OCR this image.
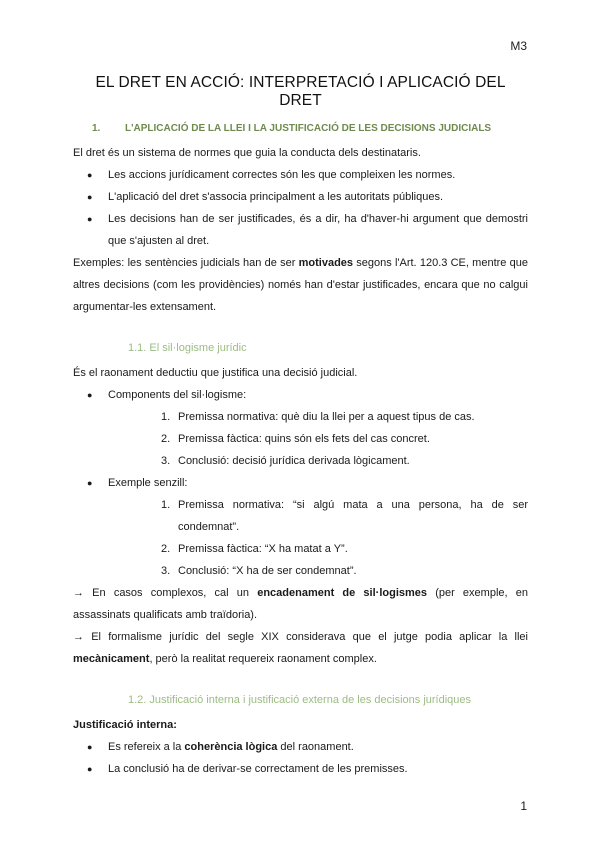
M3
EL DRET EN ACCIÓ: INTERPRETACIÓ I APLICACIÓ DEL DRET
1.	L'APLICACIÓ DE LA LLEI I LA JUSTIFICACIÓ DE LES DECISIONS JUDICIALS

El dret és un sistema de normes que guia la conducta dels destinataris.

● Les accions jurídicament correctes són les que compleixen les normes.
● L'aplicació del dret s'associa principalment a les autoritats públiques.
● Les decisions han de ser justificades, és a dir, ha d'haver-hi argument que demostri que s'ajusten al dret.

Exemples: les sentències judicials han de ser motivades segons l'Art. 120.3 CE, mentre que altres decisions (com les providències) només han d'estar justificades, encara que no calgui argumentar-les extensament.

1.1. El sil·logisme jurídic

És el raonament deductiu que justifica una decisió judicial.

● Components del sil·logisme:
1. Premissa normativa: què diu la llei per a aquest tipus de cas.
2. Premissa fàctica: quins són els fets del cas concret.
3. Conclusió: decisió jurídica derivada lògicament.
● Exemple senzill:
1. Premissa normativa: “si algú mata a una persona, ha de ser condemnat”.
2. Premissa fàctica: “X ha matat a Y”.
3. Conclusió: “X ha de ser condemnat”.

→ En casos complexos, cal un encadenament de sil·logismes (per exemple, en assassinats qualificats amb traïdoria).

→ El formalisme jurídic del segle XIX considerava que el jutge podia aplicar la llei mecànicament, però la realitat requereix raonament complex.

1.2. Justificació interna i justificació externa de les decisions jurídiques

Justificació interna:

● Es refereix a la coherència lògica del raonament.
● La conclusió ha de derivar-se correctament de les premisses.
1
